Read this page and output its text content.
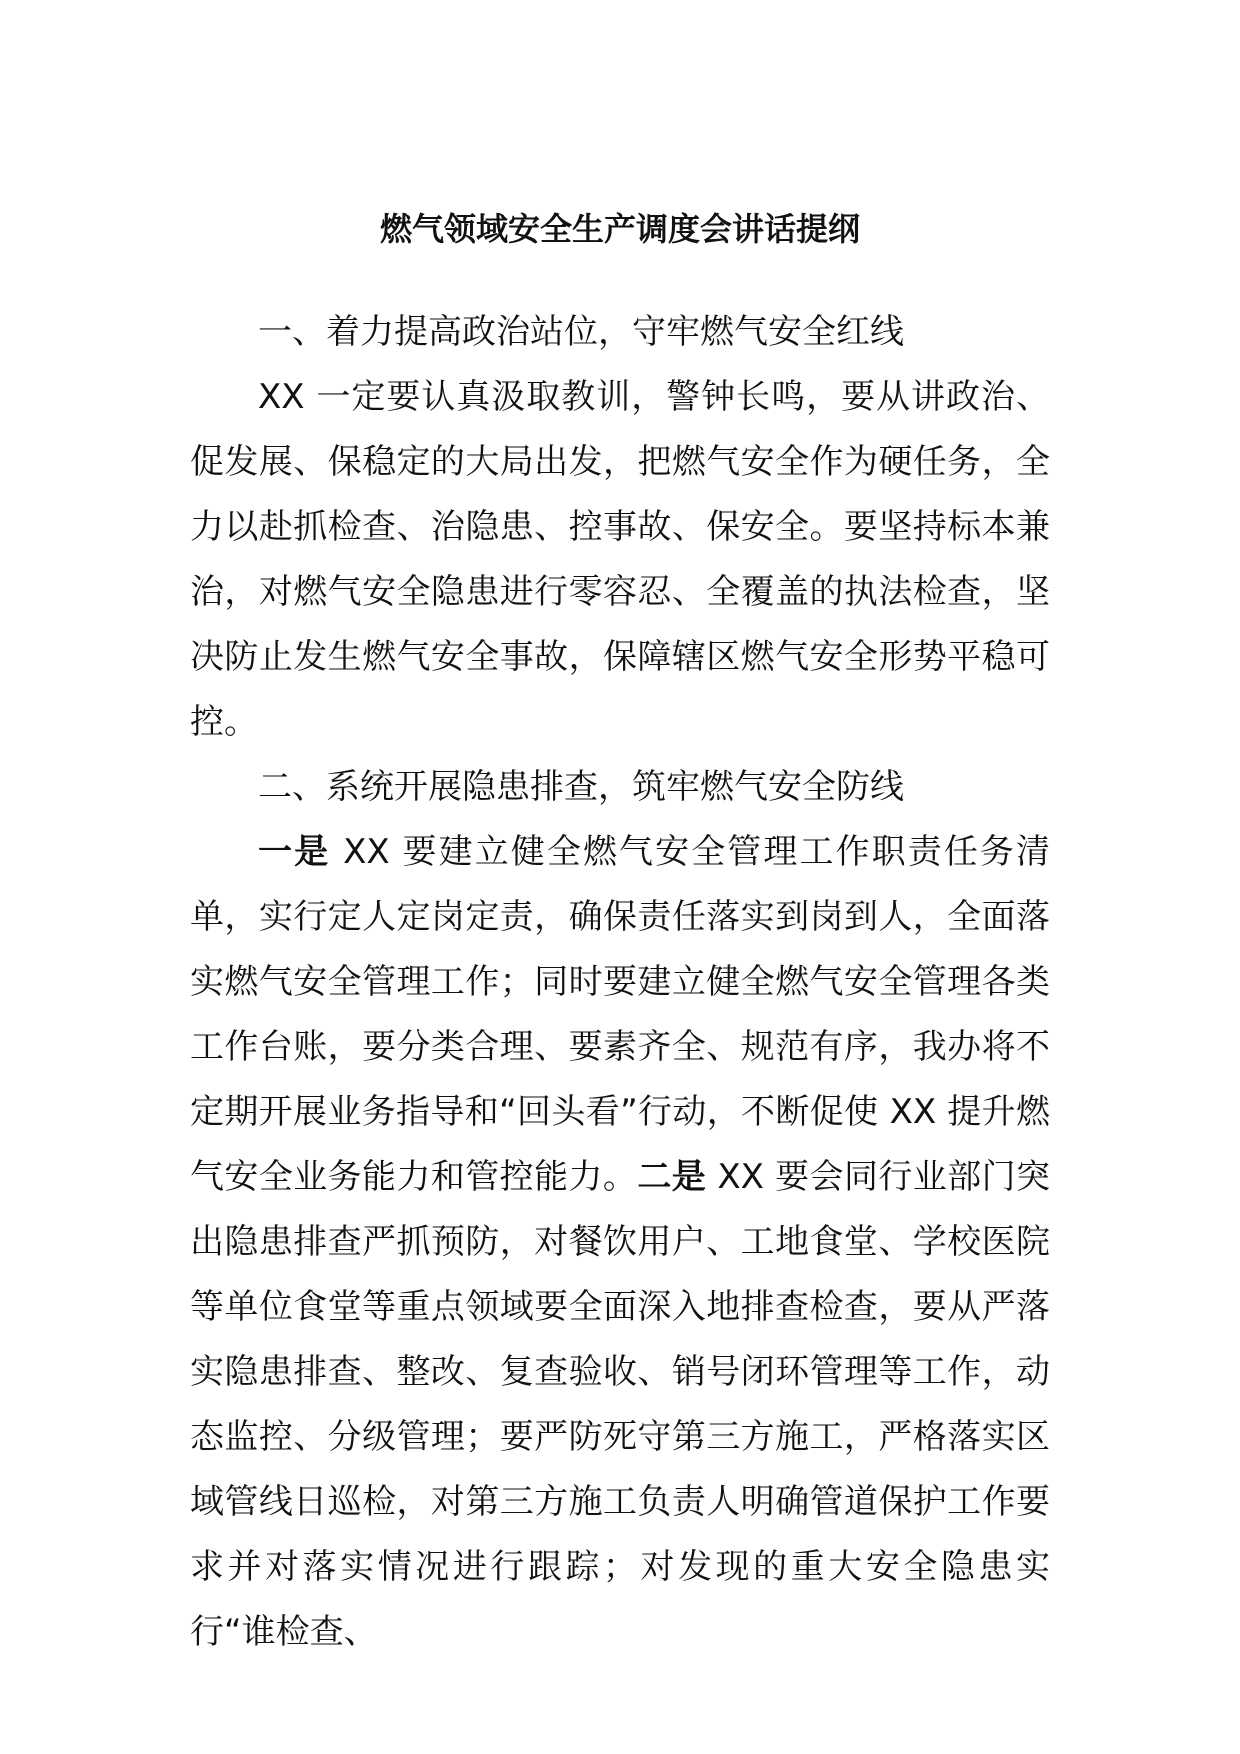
燃气领域安全生产调度会讲话提纲

一、着力提高政治站位，守牢燃气安全红线

XX 一定要认真汲取教训，警钟长鸣，要从讲政治、促发展、保稳定的大局出发，把燃气安全作为硬任务，全力以赴抓检查、治隐患、控事故、保安全。要坚持标本兼治，对燃气安全隐患进行零容忍、全覆盖的执法检查，坚决防止发生燃气安全事故，保障辖区燃气安全形势平稳可控。

二、系统开展隐患排查，筑牢燃气安全防线

一是 XX 要建立健全燃气安全管理工作职责任务清单，实行定人定岗定责，确保责任落实到岗到人，全面落实燃气安全管理工作；同时要建立健全燃气安全管理各类工作台账，要分类合理、要素齐全、规范有序，我办将不定期开展业务指导和“回头看”行动，不断促使 XX 提升燃气安全业务能力和管控能力。二是 XX 要会同行业部门突出隐患排查严抓预防，对餐饮用户、工地食堂、学校医院等单位食堂等重点领域要全面深入地排查检查，要从严落实隐患排查、整改、复查验收、销号闭环管理等工作，动态监控、分级管理；要严防死守第三方施工，严格落实区域管线日巡检，对第三方施工负责人明确管道保护工作要求并对落实情况进行跟踪；对发现的重大安全隐患实行“谁检查、
